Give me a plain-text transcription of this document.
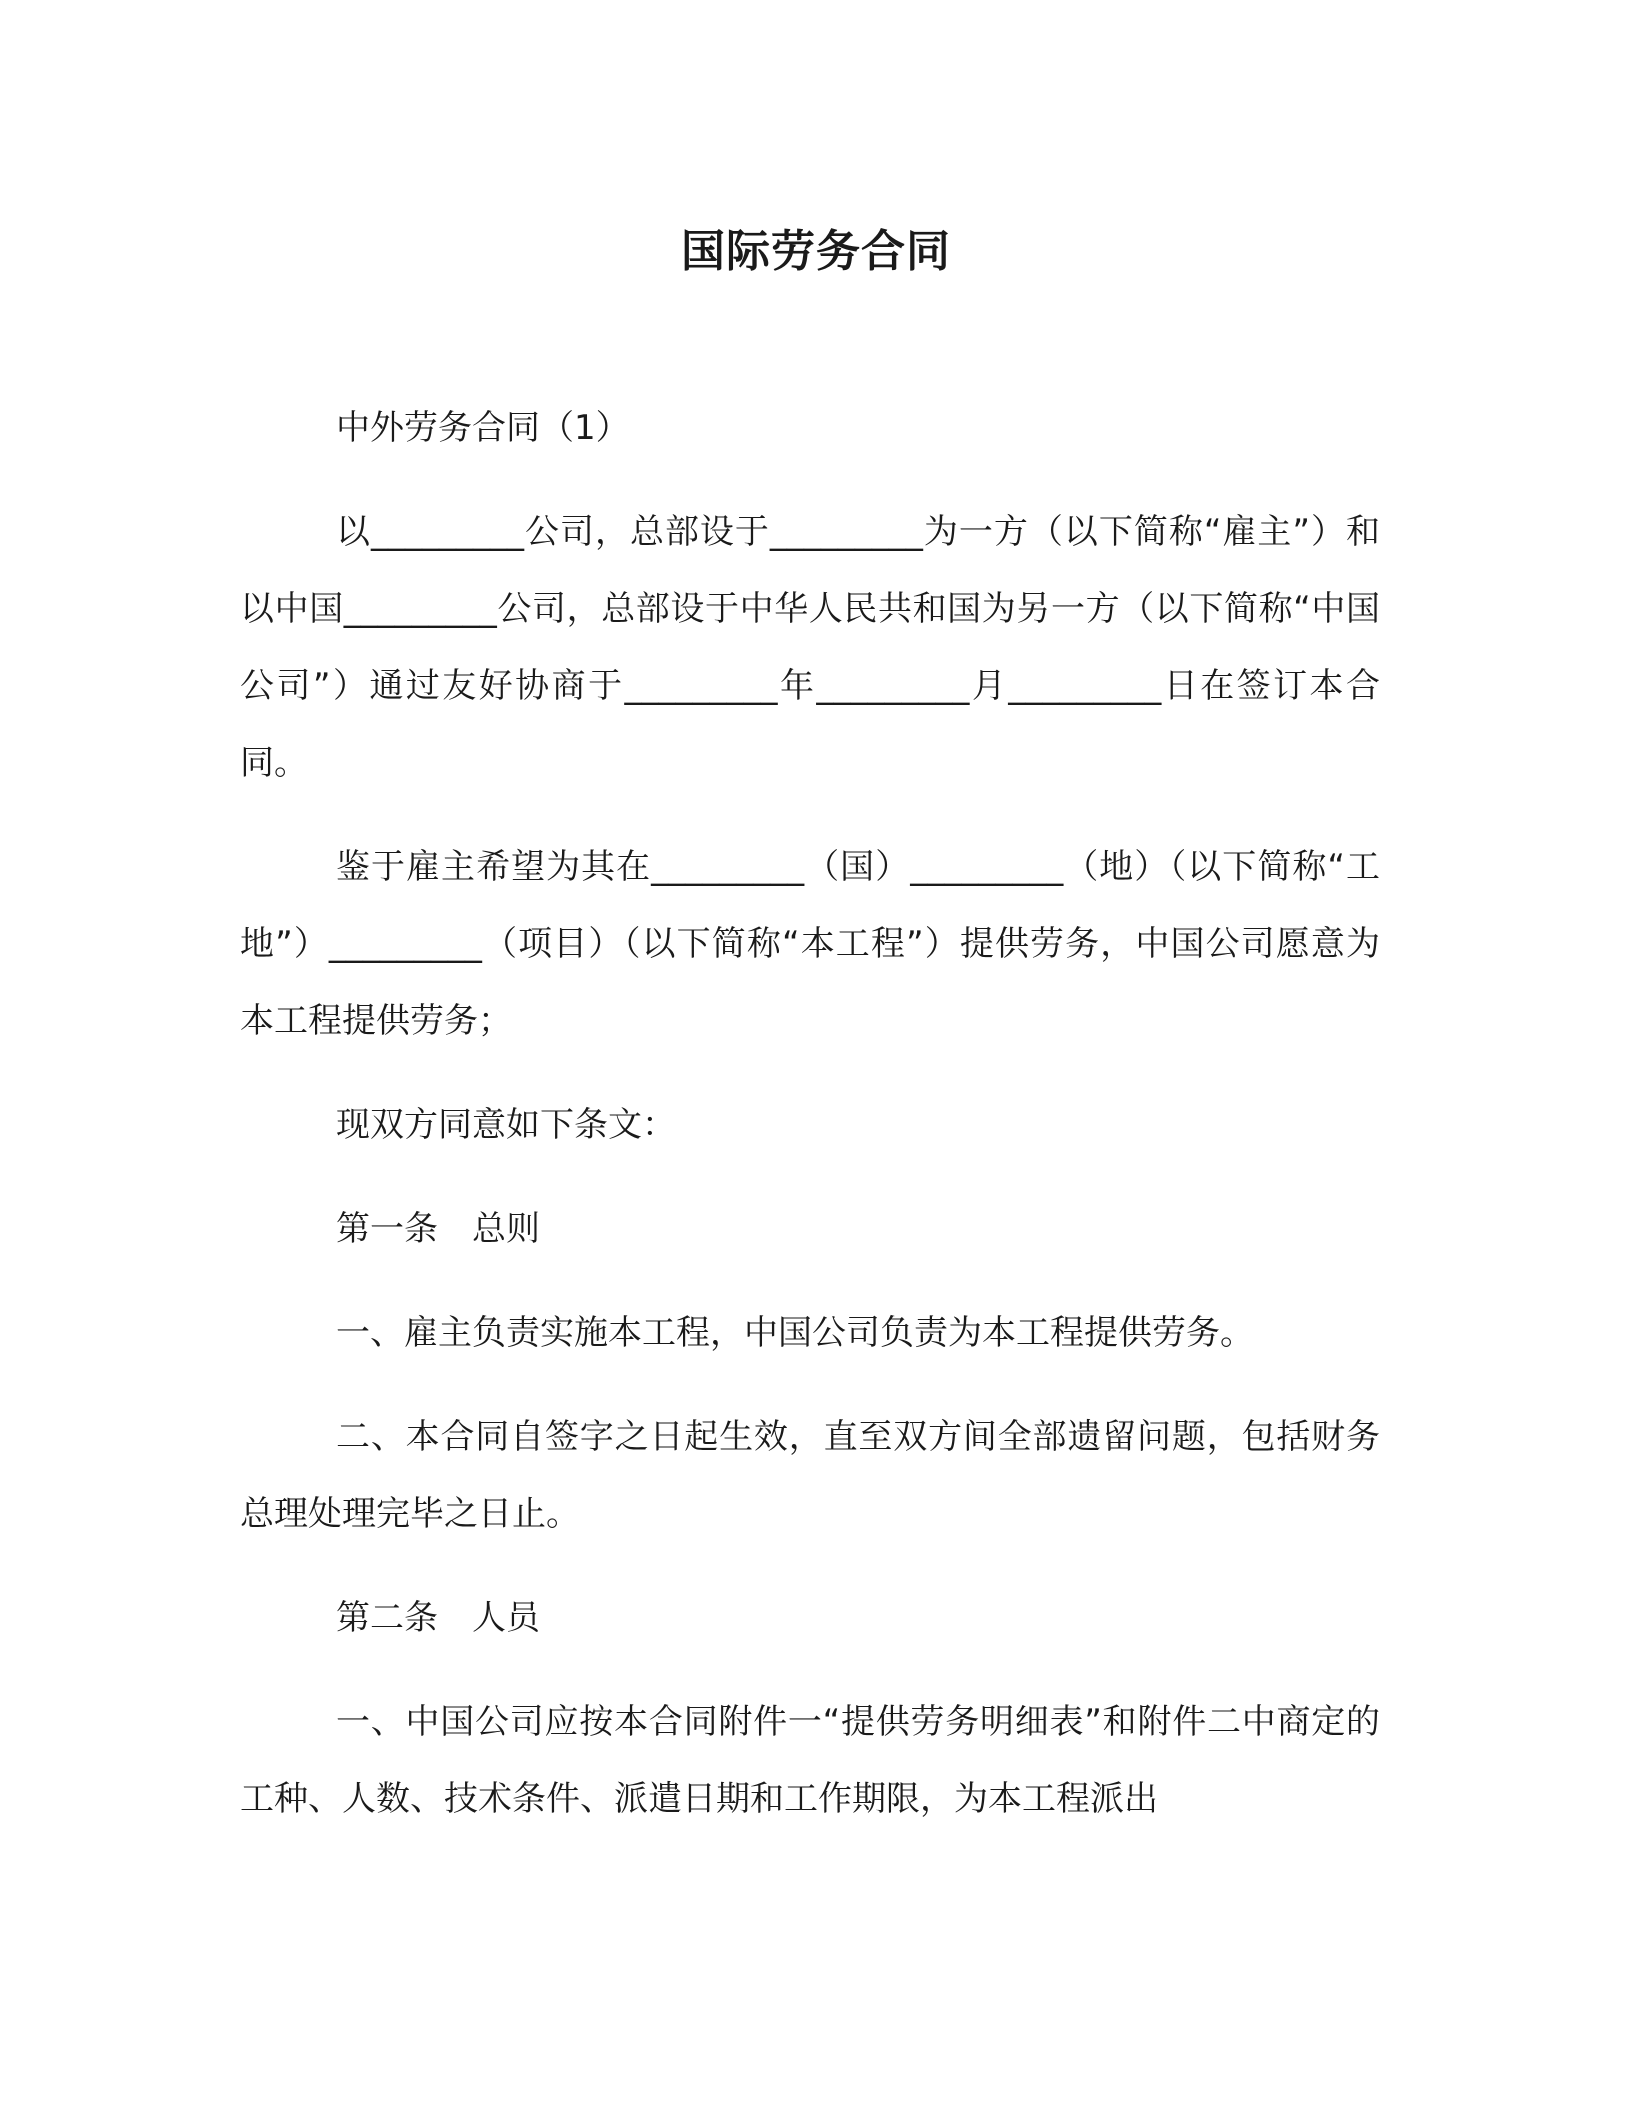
国际劳务合同

中外劳务合同（1）

以_________公司，总部设于_________为一方（以下简称“雇主”）和以中国_________公司，总部设于中华人民共和国为另一方（以下简称“中国公司”）通过友好协商于_________年_________月_________日在签订本合同。

鉴于雇主希望为其在_________（国）_________（地）（以下简称“工地”）_________（项目）（以下简称“本工程”）提供劳务，中国公司愿意为本工程提供劳务；

现双方同意如下条文：

第一条　总则

一、雇主负责实施本工程，中国公司负责为本工程提供劳务。

二、本合同自签字之日起生效，直至双方间全部遗留问题，包括财务总理处理完毕之日止。

第二条　人员

一、中国公司应按本合同附件一“提供劳务明细表”和附件二中商定的工种、人数、技术条件、派遣日期和工作期限，为本工程派出
